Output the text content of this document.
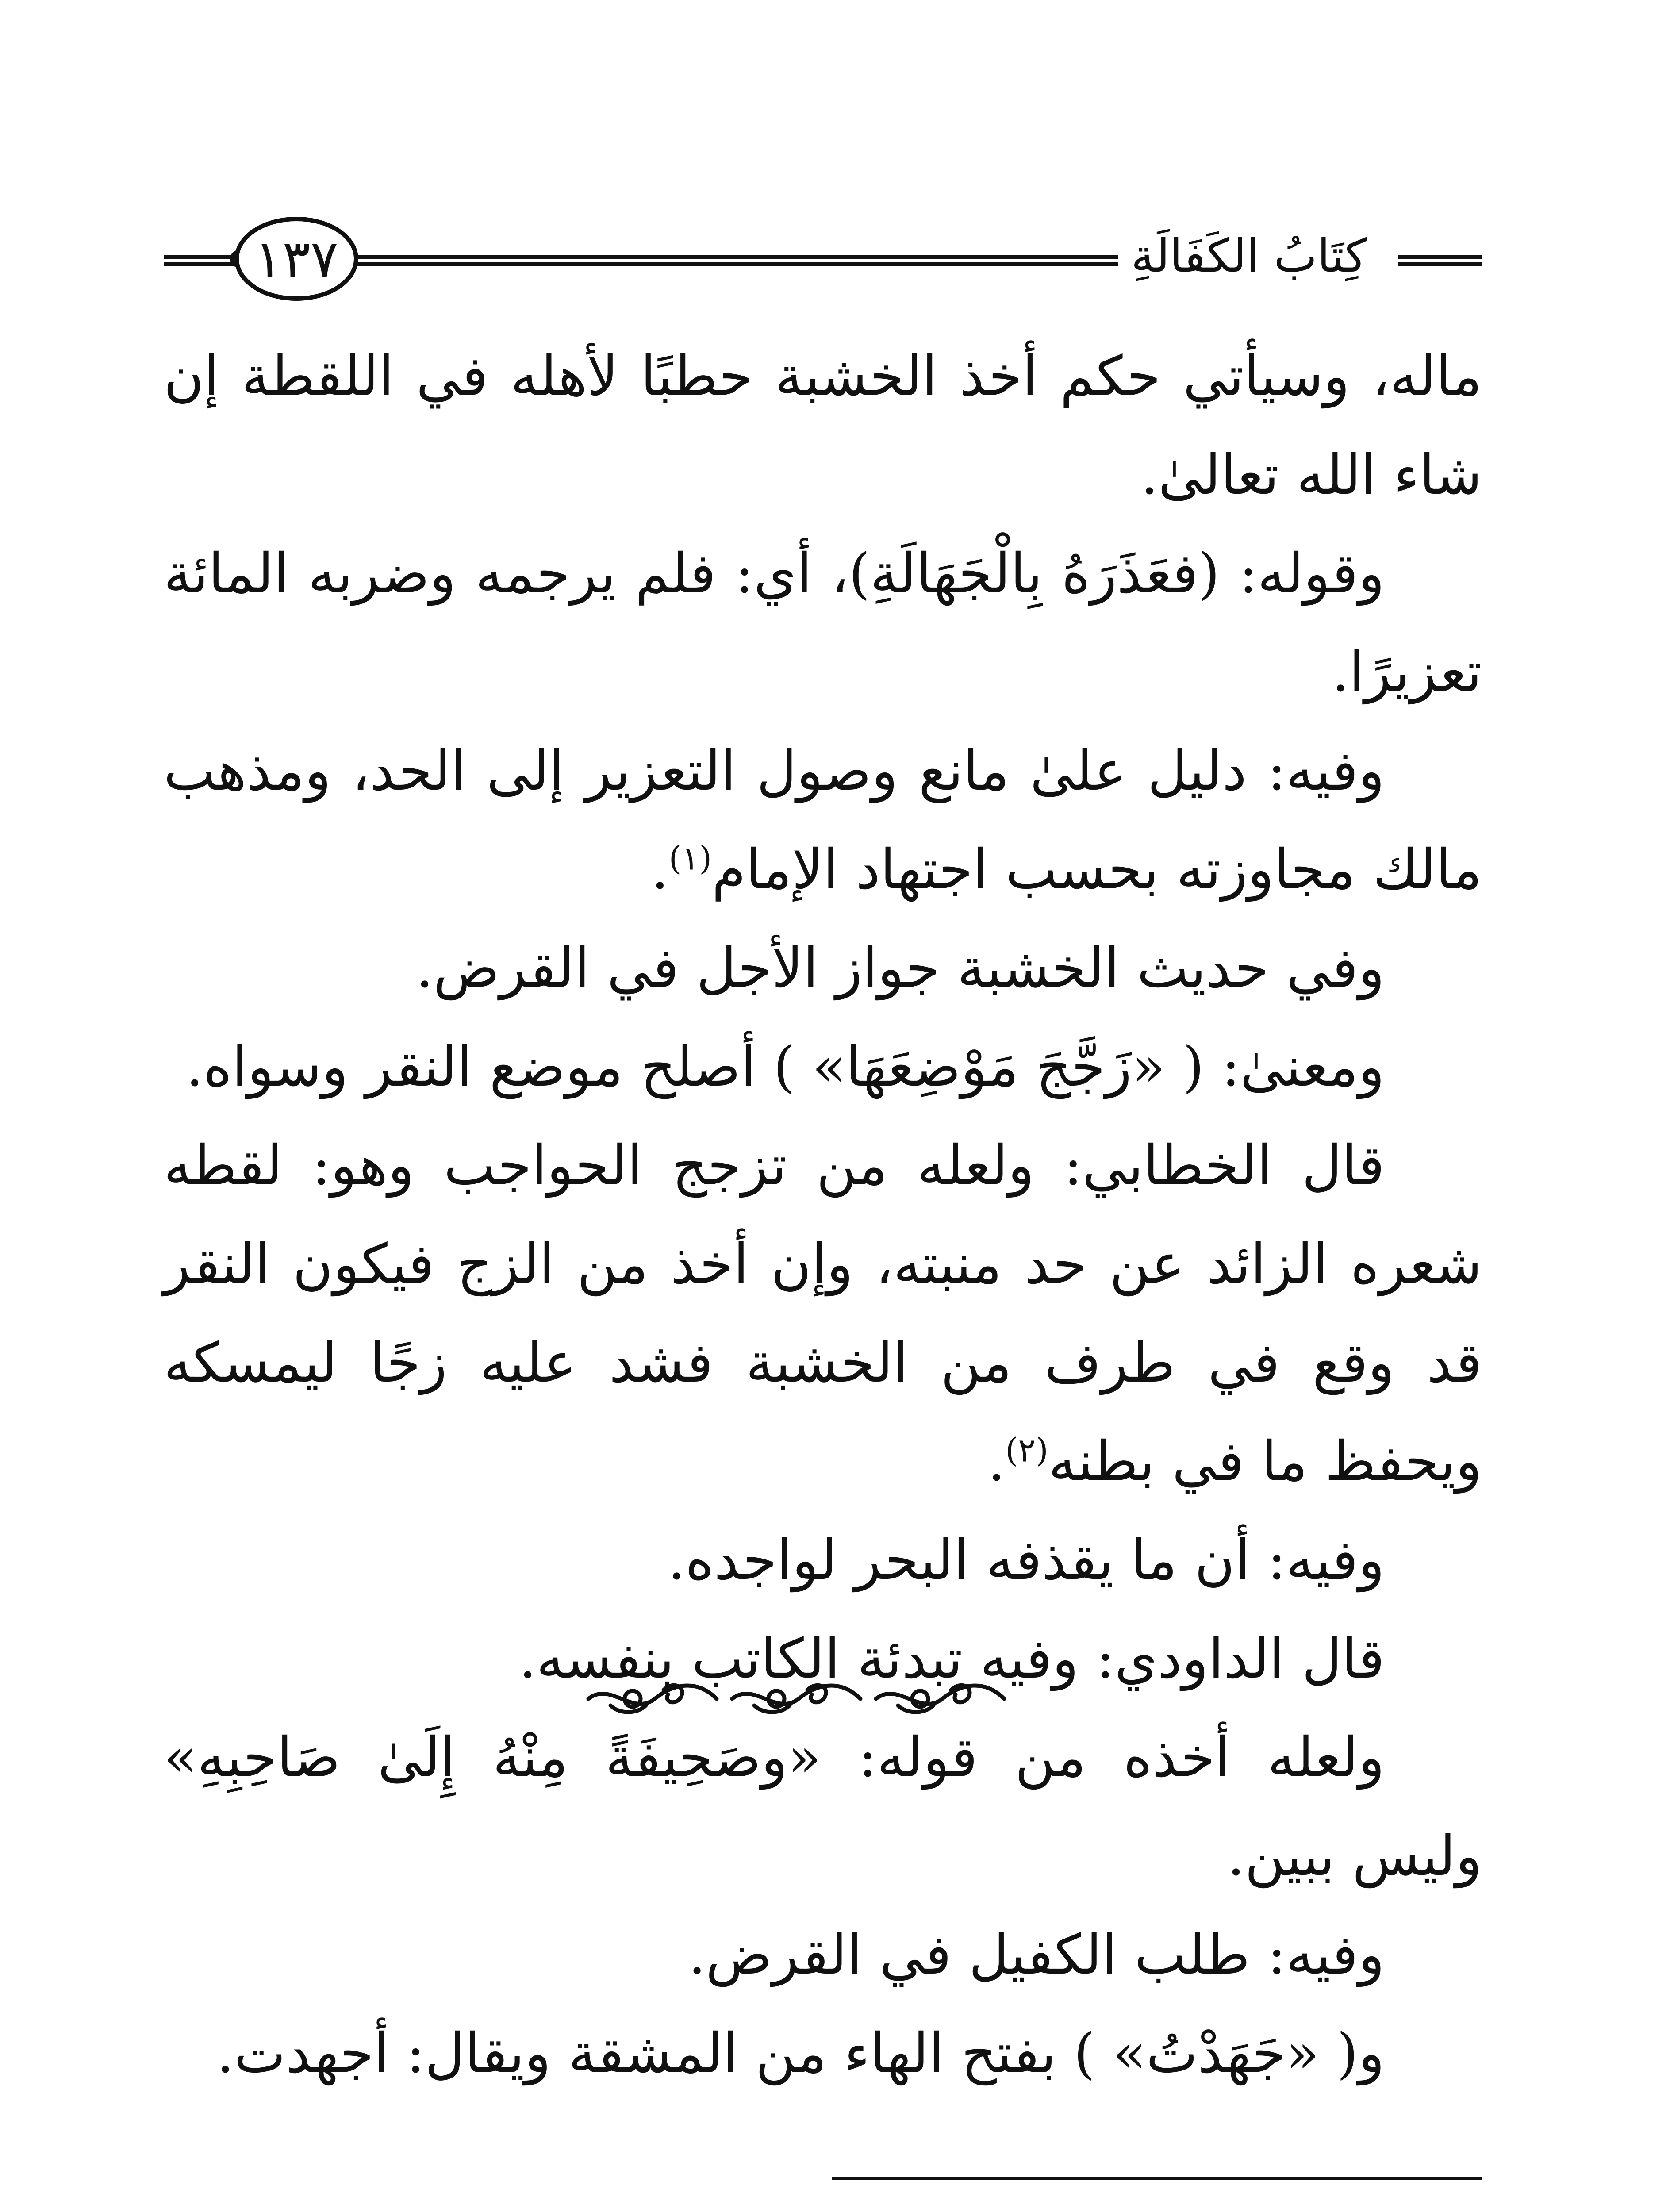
١٣٧	كِتَابُ الكَفَالَةِ

ماله، وسيأتي حكم أخذ الخشبة حطبًا لأهله في اللقطة إن شاء الله تعالىٰ.

وقوله: (فعَذَرَهُ بِالْجَهَالَةِ)، أي: فلم يرجمه وضربه المائة تعزيرًا.

وفيه: دليل علىٰ مانع وصول التعزير إلى الحد، ومذهب مالك مجاوزته بحسب اجتهاد الإمام$^{(١)}$.

وفي حديث الخشبة جواز الأجل في القرض.

ومعنىٰ: ( «زَجَّجَ مَوْضِعَهَا» ) أصلح موضع النقر وسواه.

قال الخطابي: ولعله من تزجج الحواجب وهو: لقطه شعره الزائد عن حد منبته، وإن أخذ من الزج فيكون النقر قد وقع في طرف من الخشبة فشد عليه زجًا ليمسكه ويحفظ ما في بطنه$^{(٢)}$.

وفيه: أن ما يقذفه البحر لواجده.

قال الداودي: وفيه تبدئة الكاتب بنفسه.

ولعله أخذه من قوله: «وصَحِيفَةً مِنْهُ إِلَىٰ صَاحِبِهِ» وليس ببين.

وفيه: طلب الكفيل في القرض.

و( «جَهَدْتُ» ) بفتح الهاء من المشقة ويقال: أجهدت.
